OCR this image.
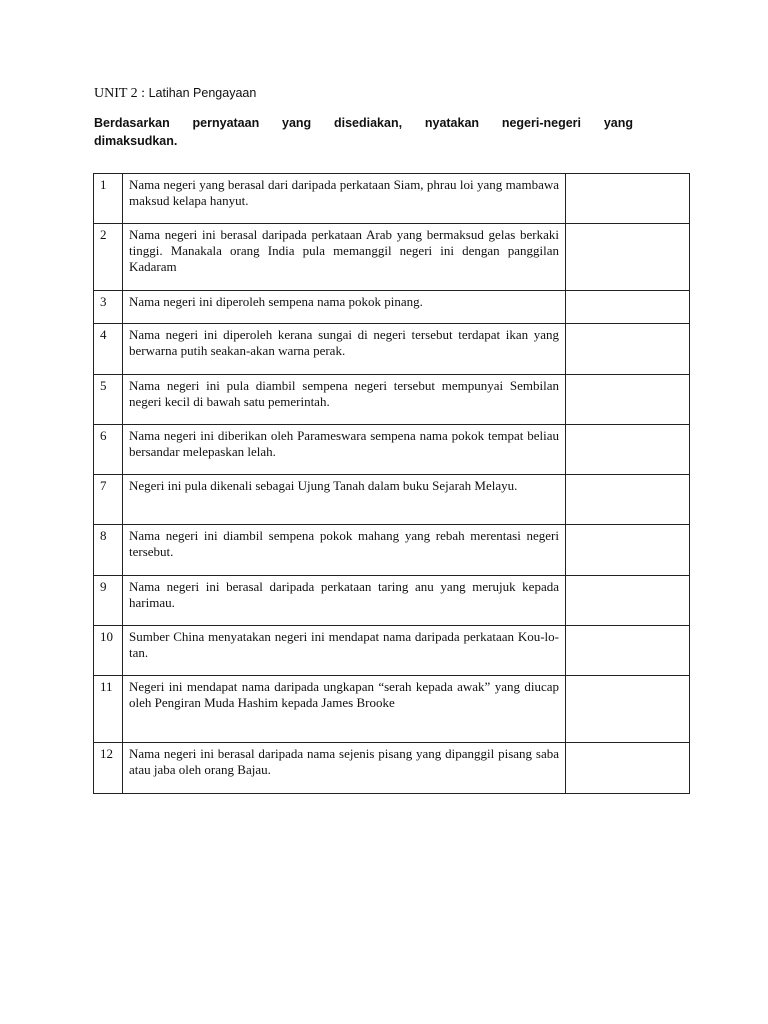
UNIT 2 : Latihan Pengayaan
Berdasarkan pernyataan yang disediakan, nyatakan negeri-negeri yang
dimaksudkan.
1	Nama negeri yang berasal dari daripada perkataan Siam, phrau loi yang mambawa maksud kelapa hanyut.	
2	Nama negeri ini berasal daripada perkataan Arab yang bermaksud gelas berkaki tinggi. Manakala orang India pula memanggil negeri ini dengan panggilan Kadaram	
3	Nama negeri ini diperoleh sempena nama pokok pinang.	
4	Nama negeri ini diperoleh kerana sungai di negeri tersebut terdapat ikan yang berwarna putih seakan-akan warna perak.	
5	Nama negeri ini pula diambil sempena negeri tersebut mempunyai Sembilan negeri kecil di bawah satu pemerintah.	
6	Nama negeri ini diberikan oleh Parameswara sempena nama pokok tempat beliau bersandar melepaskan lelah.	
7	Negeri ini pula dikenali sebagai Ujung Tanah dalam buku Sejarah Melayu.	
8	Nama negeri ini diambil sempena pokok mahang yang rebah merentasi negeri tersebut.	
9	Nama negeri ini berasal daripada perkataan taring anu yang merujuk kepada harimau.	
10	Sumber China menyatakan negeri ini mendapat nama daripada perkataan Kou-lo-tan.	
11	Negeri ini mendapat nama daripada ungkapan “serah kepada awak” yang diucap oleh Pengiran Muda Hashim kepada James Brooke	
12	Nama negeri ini berasal daripada nama sejenis pisang yang dipanggil pisang saba atau jaba oleh orang Bajau.	
